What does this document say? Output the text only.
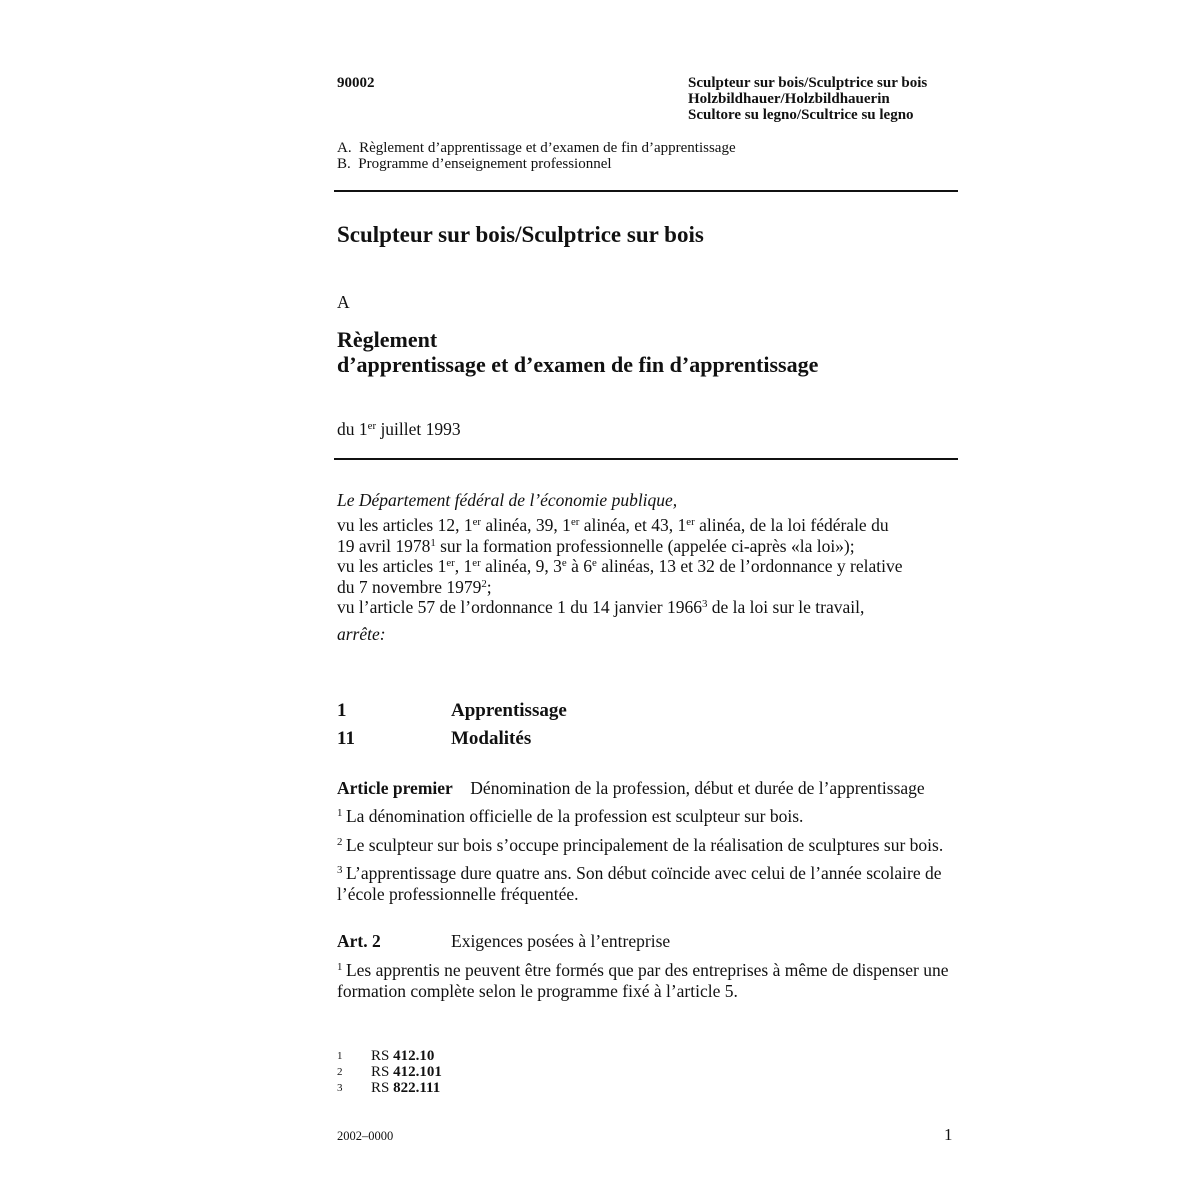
90002	Sculpteur sur bois/Sculptrice sur bois
Holzbildhauer/Holzbildhauerin
Scultore su legno/Scultrice su legno
A. Règlement d’apprentissage et d’examen de fin d’apprentissage
B. Programme d’enseignement professionnel
Sculpteur sur bois/Sculptrice sur bois
A
Règlement
d’apprentissage et d’examen de fin d’apprentissage
du 1er juillet 1993
Le Département fédéral de l’économie publique,
vu les articles 12, 1er alinéa, 39, 1er alinéa, et 43, 1er alinéa, de la loi fédérale du
19 avril 1978$^1$ sur la formation professionnelle (appelée ci-après «la loi»);
vu les articles 1er, 1er alinéa, 9, 3e à 6e alinéas, 13 et 32 de l’ordonnance y relative
du 7 novembre 1979$^2$;
vu l’article 57 de l’ordonnance 1 du 14 janvier 1966$^3$ de la loi sur le travail,
arrête:
1	Apprentissage
11	Modalités
Article premier Dénomination de la profession, début et durée de l’apprentissage
$^1$  La dénomination officielle de la profession est sculpteur sur bois.
$^2$  Le sculpteur sur bois s’occupe principalement de la réalisation de sculptures sur bois.
$^3$  L’apprentissage dure quatre ans. Son début coïncide avec celui de l’année scolaire de l’école professionnelle fréquentée.
Art. 2	Exigences posées à l’entreprise
$^1$  Les apprentis ne peuvent être formés que par des entreprises à même de dispenser une formation complète selon le programme fixé à l’article 5.
1 RS 412.10
2 RS 412.101
3 RS 822.111
2002–0000	1
